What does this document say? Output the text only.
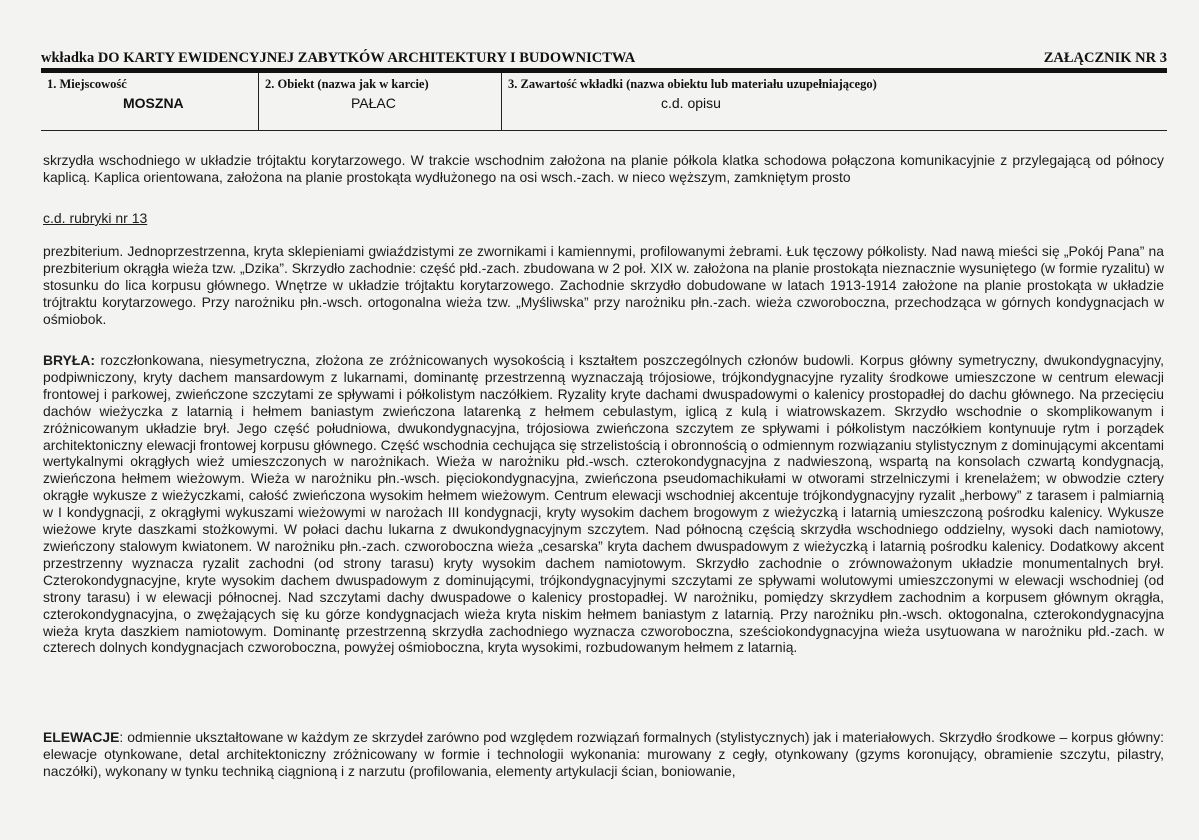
wkładka DO KARTY EWIDENCYJNEJ ZABYTKÓW ARCHITEKTURY I BUDOWNICTWA	ZAŁĄCZNIK NR 3
1. Miejscowość
MOSZNA
2. Obiekt (nazwa jak w karcie)
PAŁAC
3. Zawartość wkładki (nazwa obiektu lub materiału uzupełniającego)
c.d. opisu
skrzydła wschodniego w układzie trójtaktu korytarzowego. W trakcie wschodnim założona na planie półkola klatka schodowa połączona komunikacyjnie z przylegającą od północy kaplicą. Kaplica orientowana, założona na planie prostokąta wydłużonego na osi wsch.-zach. w nieco węższym, zamkniętym prosto
c.d. rubryki nr 13
prezbiterium. Jednoprzestrzenna, kryta sklepieniami gwiaździstymi ze zwornikami i kamiennymi, profilowanymi żebrami. Łuk tęczowy półkolisty. Nad nawą mieści się „Pokój Pana” na prezbiterium okrągła wieża tzw. „Dzika”. Skrzydło zachodnie: część płd.-zach. zbudowana w 2 poł. XIX w. założona na planie prostokąta nieznacznie wysuniętego (w formie ryzalitu) w stosunku do lica korpusu głównego. Wnętrze w układzie trójtaktu korytarzowego. Zachodnie skrzydło dobudowane w latach 1913-1914 założone na planie prostokąta w układzie trójtraktu korytarzowego. Przy narożniku płn.-wsch. ortogonalna wieża tzw. „Myśliwska” przy narożniku płn.-zach. wieża czworoboczna, przechodząca w górnych kondygnacjach w ośmiobok.
BRYŁA: rozczłonkowana, niesymetryczna, złożona ze zróżnicowanych wysokością i kształtem poszczególnych członów budowli. Korpus główny symetryczny, dwukondygnacyjny, podpiwniczony, kryty dachem mansardowym z lukarnami, dominantę przestrzenną wyznaczają trójosiowe, trójkondygnacyjne ryzality środkowe umieszczone w centrum elewacji frontowej i parkowej, zwieńczone szczytami ze spływami i półkolistym naczółkiem. Ryzality kryte dachami dwuspadowymi o kalenicy prostopadłej do dachu głównego. Na przecięciu dachów wieżyczka z latarnią i hełmem baniastym zwieńczona latarenką z hełmem cebulastym, iglicą z kulą i wiatrowskazem. Skrzydło wschodnie o skomplikowanym i zróżnicowanym układzie brył. Jego część południowa, dwukondygnacyjna, trójosiowa zwieńczona szczytem ze spływami i półkolistym naczółkiem kontynuuje rytm i porządek architektoniczny elewacji frontowej korpusu głównego. Część wschodnia cechująca się strzelistością i obronnością o odmiennym rozwiązaniu stylistycznym z dominującymi akcentami wertykalnymi okrągłych wież umieszczonych w narożnikach. Wieża w narożniku płd.-wsch. czterokondygnacyjna z nadwieszoną, wspartą na konsolach czwartą kondygnacją, zwieńczona hełmem wieżowym. Wieża w narożniku płn.-wsch. pięciokondygnacyjna, zwieńczona pseudomachikułami w otworami strzelniczymi i krenelażem; w obwodzie cztery okrągłe wykusze z wieżyczkami, całość zwieńczona wysokim hełmem wieżowym. Centrum elewacji wschodniej akcentuje trójkondygnacyjny ryzalit „herbowy” z tarasem i palmiarnią w I kondygnacji, z okrągłymi wykuszami wieżowymi w narożach III kondygnacji, kryty wysokim dachem brogowym z wieżyczką i latarnią umieszczoną pośrodku kalenicy. Wykusze wieżowe kryte daszkami stożkowymi. W połaci dachu lukarna z dwukondygnacyjnym szczytem. Nad północną częścią skrzydła wschodniego oddzielny, wysoki dach namiotowy, zwieńczony stalowym kwiatonem. W narożniku płn.-zach. czworoboczna wieża „cesarska” kryta dachem dwuspadowym z wieżyczką i latarnią pośrodku kalenicy. Dodatkowy akcent przestrzenny wyznacza ryzalit zachodni (od strony tarasu) kryty wysokim dachem namiotowym. Skrzydło zachodnie o zrównoważonym układzie monumentalnych brył. Czterokondygnacyjne, kryte wysokim dachem dwuspadowym z dominującymi, trójkondygnacyjnymi szczytami ze spływami wolutowymi umieszczonymi w elewacji wschodniej (od strony tarasu) i w elewacji północnej. Nad szczytami dachy dwuspadowe o kalenicy prostopadłej. W narożniku, pomiędzy skrzydłem zachodnim a korpusem głównym okrągła, czterokondygnacyjna, o zwężających się ku górze kondygnacjach wieża kryta niskim hełmem baniastym z latarnią. Przy narożniku płn.-wsch. oktogonalna, czterokondygnacyjna wieża kryta daszkiem namiotowym. Dominantę przestrzenną skrzydła zachodniego wyznacza czworoboczna, sześciokondygnacyjna wieża usytuowana w narożniku płd.-zach. w czterech dolnych kondygnacjach czworoboczna, powyżej ośmioboczna, kryta wysokimi, rozbudowanym hełmem z latarnią.
ELEWACJE: odmiennie ukształtowane w każdym ze skrzydeł zarówno pod względem rozwiązań formalnych (stylistycznych) jak i materiałowych. Skrzydło środkowe – korpus główny: elewacje otynkowane, detal architektoniczny zróżnicowany w formie i technologii wykonania: murowany z cegły, otynkowany (gzyms koronujący, obramienie szczytu, pilastry, naczółki), wykonany w tynku techniką ciągnioną i z narzutu (profilowania, elementy artykulacji ścian, boniowanie,
